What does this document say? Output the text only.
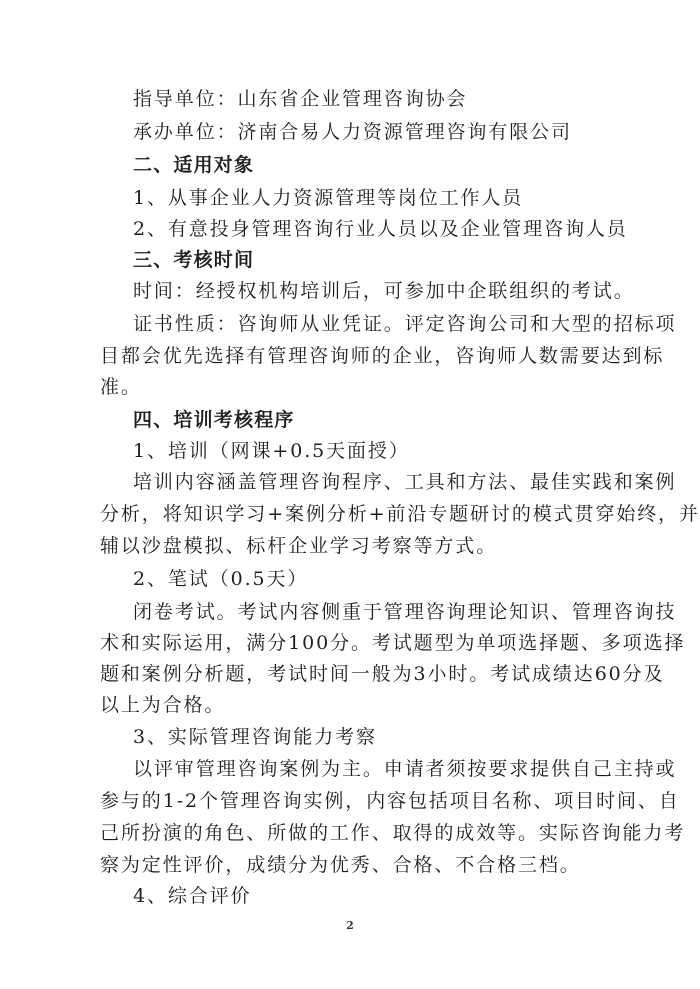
指导单位：山东省企业管理咨询协会
承办单位：济南合易人力资源管理咨询有限公司
二、适用对象
1、从事企业人力资源管理等岗位工作人员
2、有意投身管理咨询行业人员以及企业管理咨询人员
三、考核时间
时间：经授权机构培训后，可参加中企联组织的考试。
证书性质：咨询师从业凭证。评定咨询公司和大型的招标项
目都会优先选择有管理咨询师的企业，咨询师人数需要达到标
准。
四、培训考核程序
1、培训（网课+0.5天面授）
培训内容涵盖管理咨询程序、工具和方法、最佳实践和案例
分析，将知识学习+案例分析+前沿专题研讨的模式贯穿始终，并
辅以沙盘模拟、标杆企业学习考察等方式。
2、笔试（0.5天）
闭卷考试。考试内容侧重于管理咨询理论知识、管理咨询技
术和实际运用，满分100分。考试题型为单项选择题、多项选择
题和案例分析题，考试时间一般为3小时。考试成绩达60分及
以上为合格。
3、实际管理咨询能力考察
以评审管理咨询案例为主。申请者须按要求提供自己主持或
参与的1-2个管理咨询实例，内容包括项目名称、项目时间、自
己所扮演的角色、所做的工作、取得的成效等。实际咨询能力考
察为定性评价，成绩分为优秀、合格、不合格三档。
4、综合评价
2
